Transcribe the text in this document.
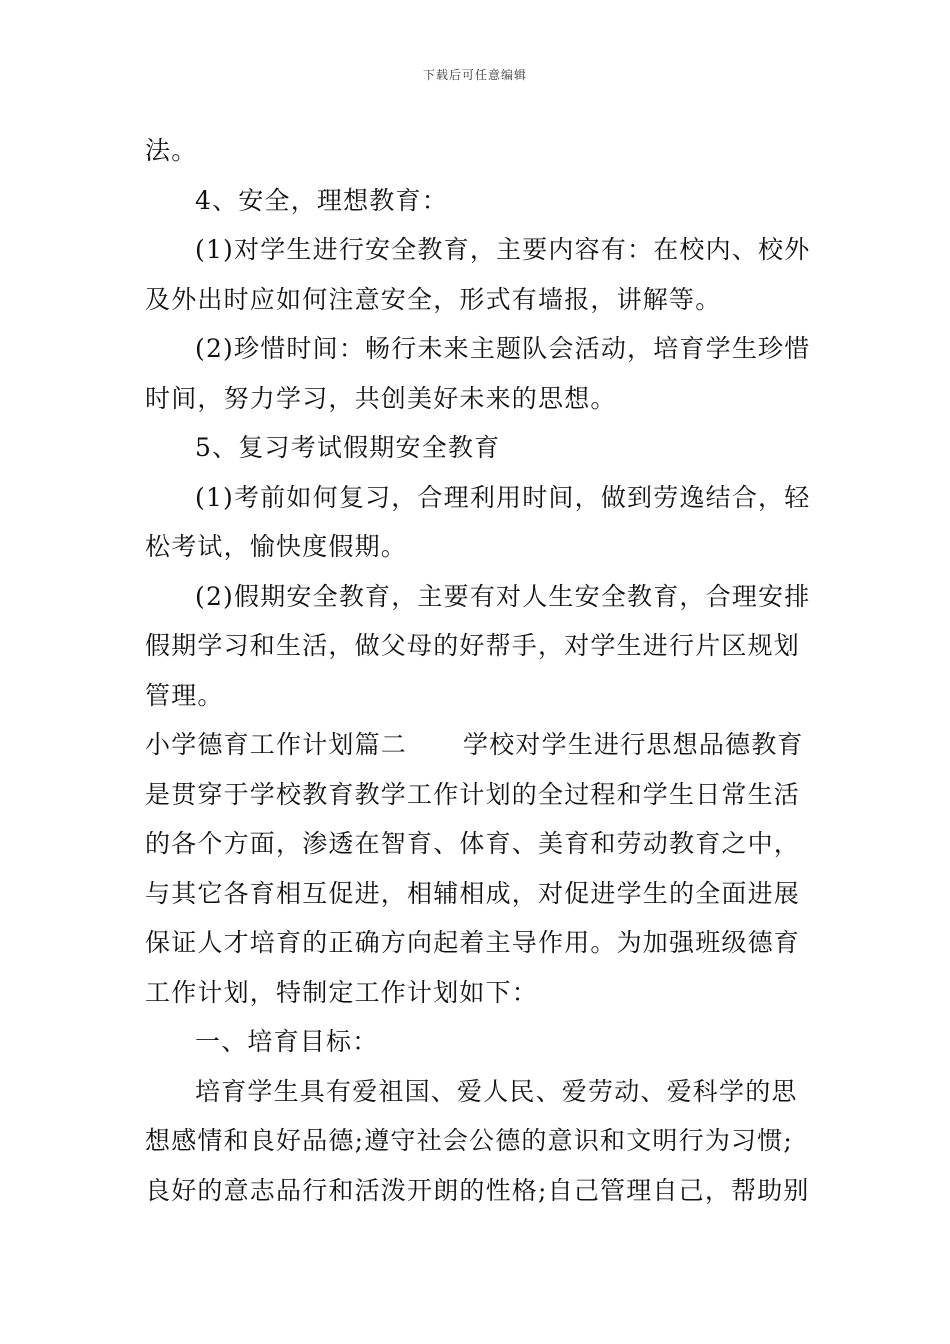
下载后可任意编辑
法。
4、安全，理想教育：
(1)对学生进行安全教育，主要内容有：在校内、校外
及外出时应如何注意安全，形式有墙报，讲解等。
(2)珍惜时间：畅行未来主题队会活动，培育学生珍惜
时间，努力学习，共创美好未来的思想。
5、复习考试假期安全教育
(1)考前如何复习，合理利用时间，做到劳逸结合，轻
松考试，愉快度假期。
(2)假期安全教育，主要有对人生安全教育，合理安排
假期学习和生活，做父母的好帮手，对学生进行片区规划
管理。
小学德育工作计划篇二 学校对学生进行思想品德教育
是贯穿于学校教育教学工作计划的全过程和学生日常生活
的各个方面，渗透在智育、体育、美育和劳动教育之中，
与其它各育相互促进，相辅相成，对促进学生的全面进展
保证人才培育的正确方向起着主导作用。为加强班级德育
工作计划，特制定工作计划如下：
一、培育目标：
培育学生具有爱祖国、爱人民、爱劳动、爱科学的思
想感情和良好品德;遵守社会公德的意识和文明行为习惯;
良好的意志品行和活泼开朗的性格;自己管理自己，帮助别
